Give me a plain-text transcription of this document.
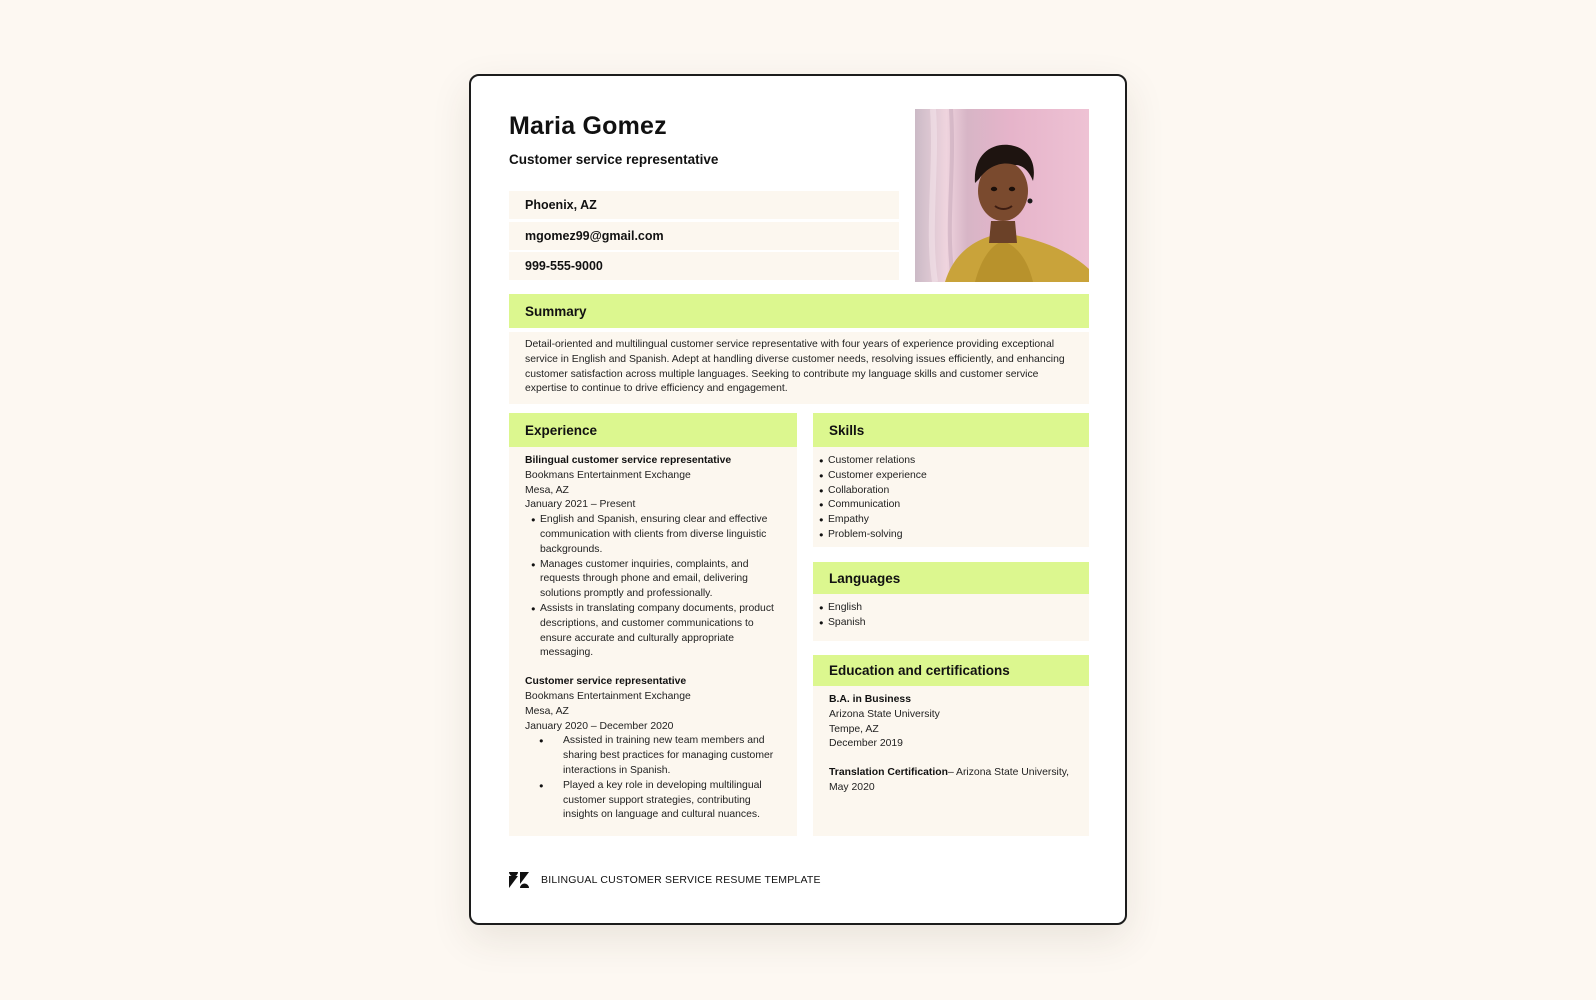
Maria Gomez
Customer service representative
Phoenix, AZ
mgomez99@gmail.com
999-555-9000
Summary
Detail-oriented and multilingual customer service representative with four years of experience providing exceptional service in English and Spanish. Adept at handling diverse customer needs, resolving issues efficiently, and enhancing customer satisfaction across multiple languages. Seeking to contribute my language skills and customer service expertise to continue to drive efficiency and engagement.
Experience
Bilingual customer service representative
Bookmans Entertainment Exchange
Mesa, AZ
January 2021 – Present
● English and Spanish, ensuring clear and effective communication with clients from diverse linguistic backgrounds.
● Manages customer inquiries, complaints, and requests through phone and email, delivering solutions promptly and professionally.
● Assists in translating company documents, product descriptions, and customer communications to ensure accurate and culturally appropriate messaging.
Customer service representative
Bookmans Entertainment Exchange
Mesa, AZ
January 2020 – December 2020
● Assisted in training new team members and sharing best practices for managing customer interactions in Spanish.
● Played a key role in developing multilingual customer support strategies, contributing insights on language and cultural nuances.
Skills
● Customer relations
● Customer experience
● Collaboration
● Communication
● Empathy
● Problem-solving
Languages
● English
● Spanish
Education and certifications
B.A. in Business
Arizona State University
Tempe, AZ
December 2019
Translation Certification– Arizona State University, May 2020
BILINGUAL CUSTOMER SERVICE RESUME TEMPLATE
